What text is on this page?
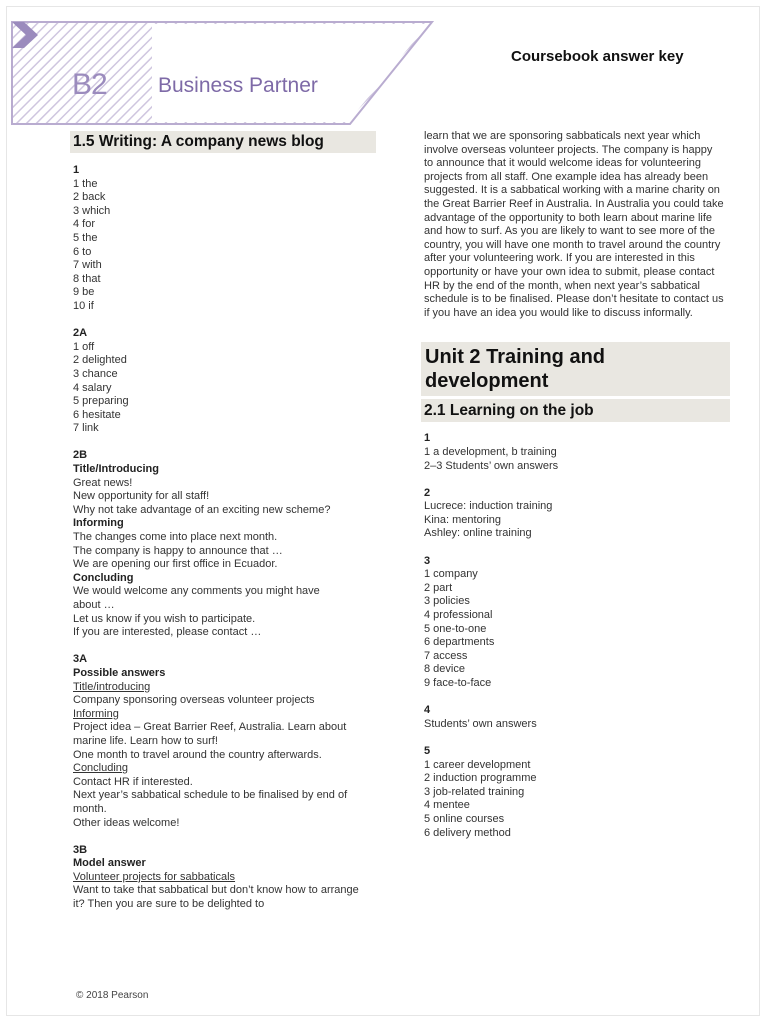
B2 Business Partner
Coursebook answer key
1.5 Writing: A company news blog
1
1 the
2 back
3 which
4 for
5 the
6 to
7 with
8 that
9 be
10 if
2A
1 off
2 delighted
3 chance
4 salary
5 preparing
6 hesitate
7 link
2B
Title/Introducing
Great news!
New opportunity for all staff!
Why not take advantage of an exciting new scheme?
Informing
The changes come into place next month.
The company is happy to announce that …
We are opening our first office in Ecuador.
Concluding
We would welcome any comments you might have about …
Let us know if you wish to participate.
If you are interested, please contact …
3A
Possible answers
Title/introducing
Company sponsoring overseas volunteer projects
Informing
Project idea – Great Barrier Reef, Australia. Learn about marine life. Learn how to surf!
One month to travel around the country afterwards.
Concluding
Contact HR if interested.
Next year’s sabbatical schedule to be finalised by end of month.
Other ideas welcome!
3B
Model answer
Volunteer projects for sabbaticals
Want to take that sabbatical but don’t know how to arrange it? Then you are sure to be delighted to
learn that we are sponsoring sabbaticals next year which involve overseas volunteer projects. The company is happy to announce that it would welcome ideas for volunteering projects from all staff. One example idea has already been suggested. It is a sabbatical working with a marine charity on the Great Barrier Reef in Australia. In Australia you could take advantage of the opportunity to both learn about marine life and how to surf. As you are likely to want to see more of the country, you will have one month to travel around the country after your volunteering work. If you are interested in this opportunity or have your own idea to submit, please contact HR by the end of the month, when next year’s sabbatical schedule is to be finalised. Please don’t hesitate to contact us if you have an idea you would like to discuss informally.
Unit 2 Training and development
2.1 Learning on the job
1
1 a development, b training
2–3 Students’ own answers
2
Lucrece: induction training
Kina: mentoring
Ashley: online training
3
1 company
2 part
3 policies
4 professional
5 one-to-one
6 departments
7 access
8 device
9 face-to-face
4
Students’ own answers
5
1 career development
2 induction programme
3 job-related training
4 mentee
5 online courses
6 delivery method
© 2018 Pearson
